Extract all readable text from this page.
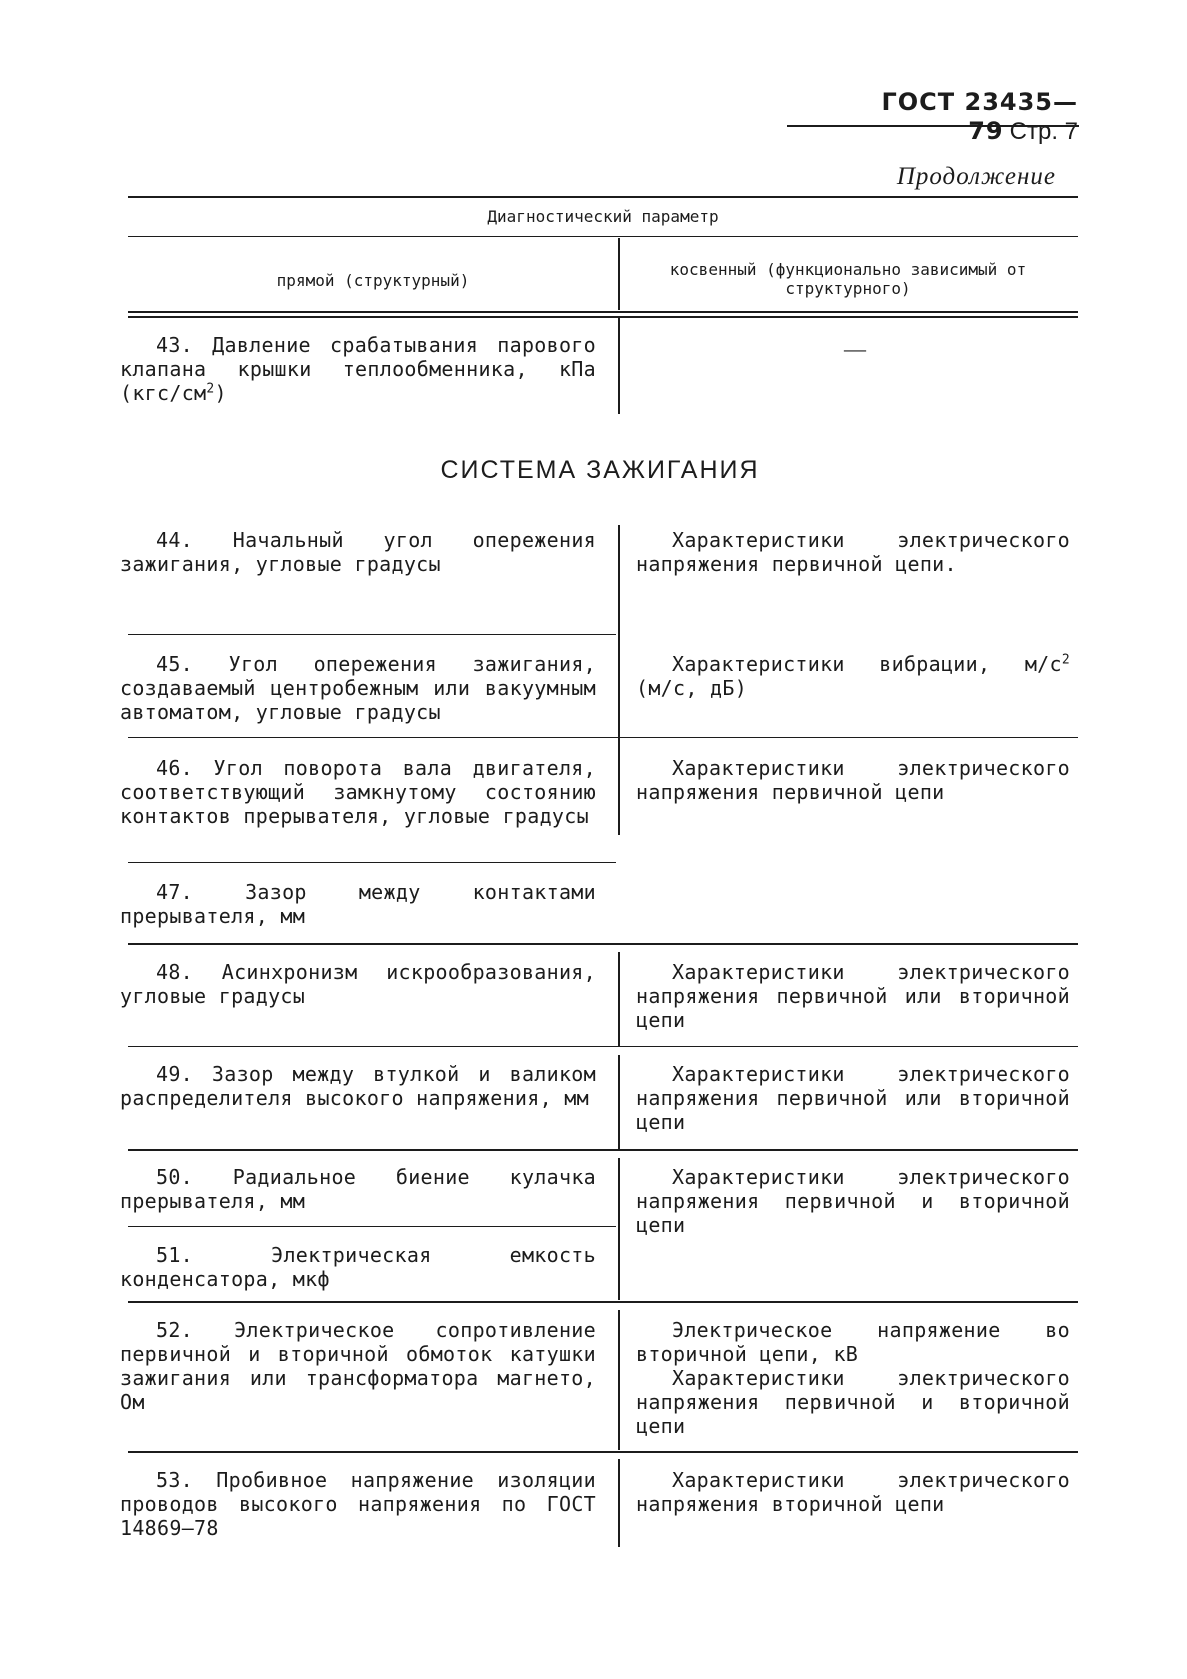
ГОСТ 23435—79 Стр. 7
Продолжение
Диагностический параметр
прямой (структурный)
косвенный (функционально зависимый от структурного)

43. Давление срабатывания парового клапана крышки теплообменника, кПа $(кгс/см^2)$

—
СИСТЕМА ЗАЖИГАНИЯ

44. Начальный угол опережения зажигания, угловые градусы

Характеристики электрического напряжения первичной цепи.

45. Угол опережения зажигания, создаваемый центробежным или вакуумным автоматом, угловые градусы

Характеристики вибрации, $м/с^2$ (м/с, дБ)

46. Угол поворота вала двигателя, соответствующий замкнутому состоянию контактов прерывателя, угловые градусы

Характеристики электрического напряжения первичной цепи

47. Зазор между контактами прерывателя, мм

48. Асинхронизм искрообразования, угловые градусы

Характеристики электрического напряжения первичной или вторичной цепи

49. Зазор между втулкой и валиком распределителя высокого напряжения, мм

Характеристики электрического напряжения первичной или вторичной цепи

50. Радиальное биение кулачка прерывателя, мм

Характеристики электрического напряжения первичной и вторичной цепи

51. Электрическая емкость конденсатора, мкф

52. Электрическое сопротивление первичной и вторичной обмоток катушки зажигания или трансформатора магнето, Ом

Электрическое напряжение во вторичной цепи, кВ

Характеристики электрического напряжения первичной и вторичной цепи

53. Пробивное напряжение изоляции проводов высокого напряжения по ГОСТ 14869—78

Характеристики электрического напряжения вторичной цепи
